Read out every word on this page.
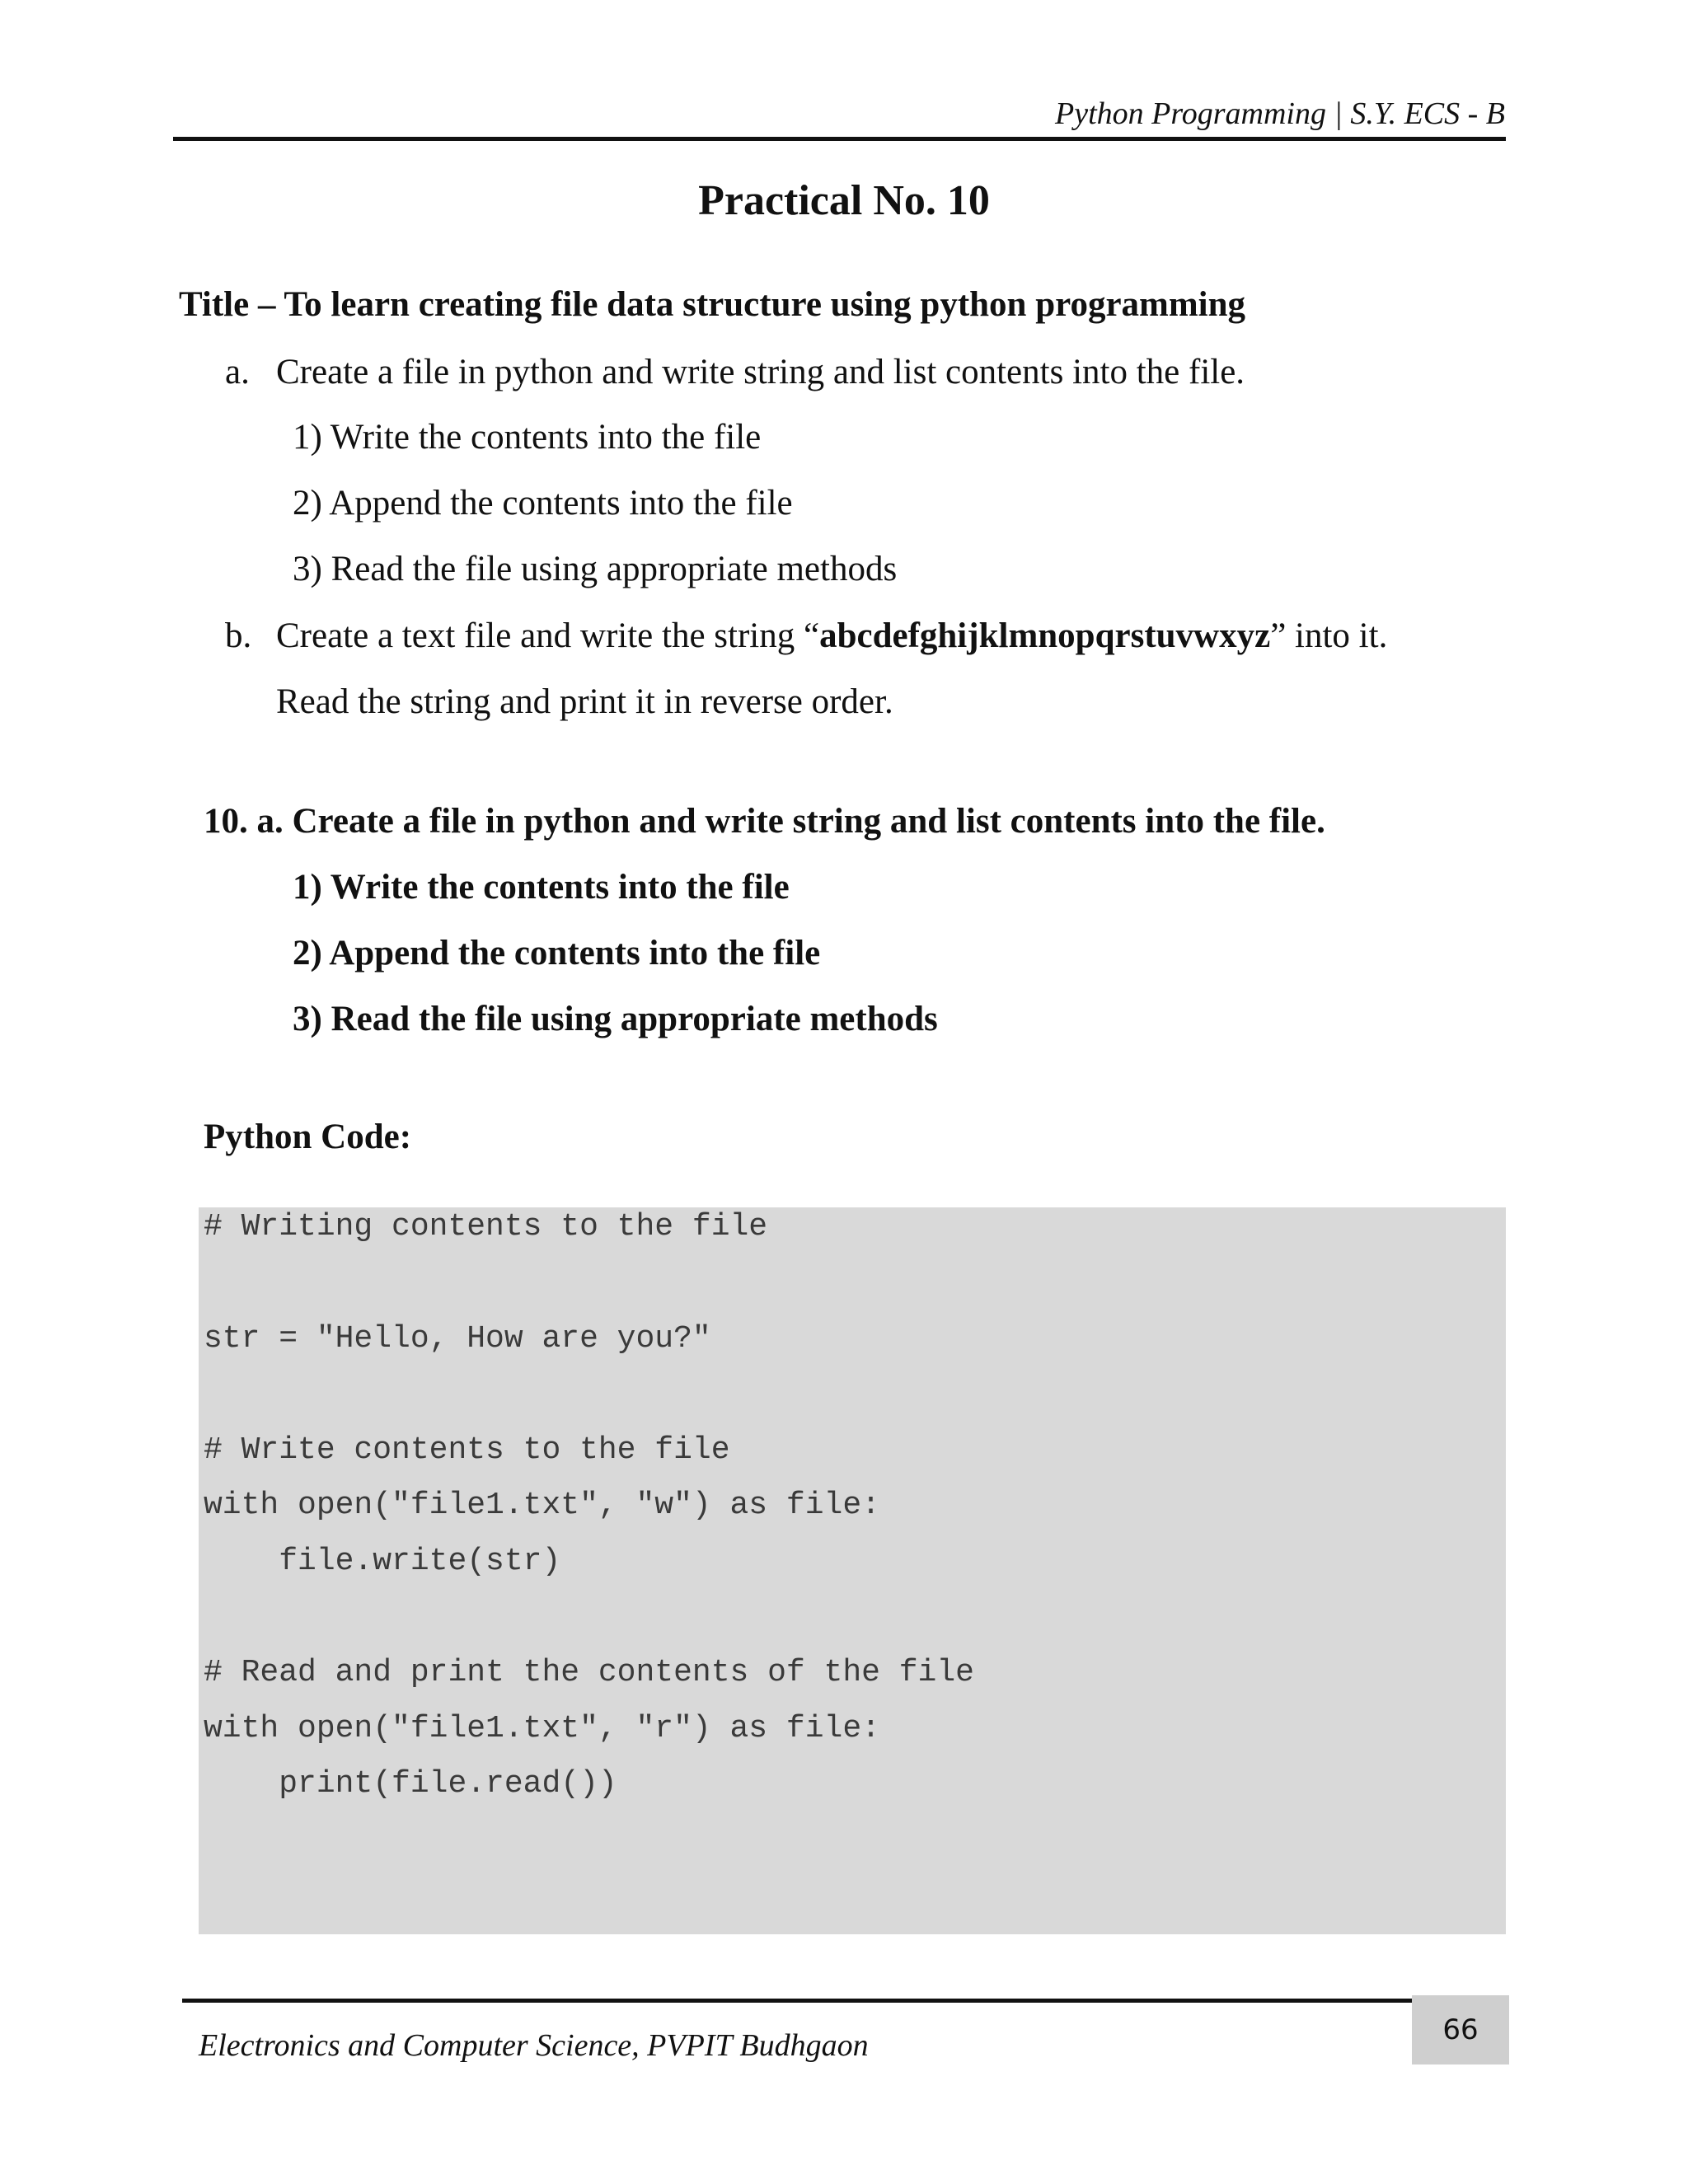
Python Programming | S.Y. ECS - B
Practical No. 10
Title – To learn creating file data structure using python programming
a. Create a file in python and write string and list contents into the file.
1) Write the contents into the file
2) Append the contents into the file
3) Read the file using appropriate methods
b. Create a text file and write the string “abcdefghijklmnopqrstuvwxyz” into it.
Read the string and print it in reverse order.
10. a. Create a file in python and write string and list contents into the file.
1) Write the contents into the file
2) Append the contents into the file
3) Read the file using appropriate methods
Python Code:
# Writing contents to the file
str = "Hello, How are you?"
# Write contents to the file
with open("file1.txt", "w") as file:
file.write(str)
# Read and print the contents of the file
with open("file1.txt", "r") as file:
print(file.read())
Electronics and Computer Science, PVPIT Budhgaon	66
